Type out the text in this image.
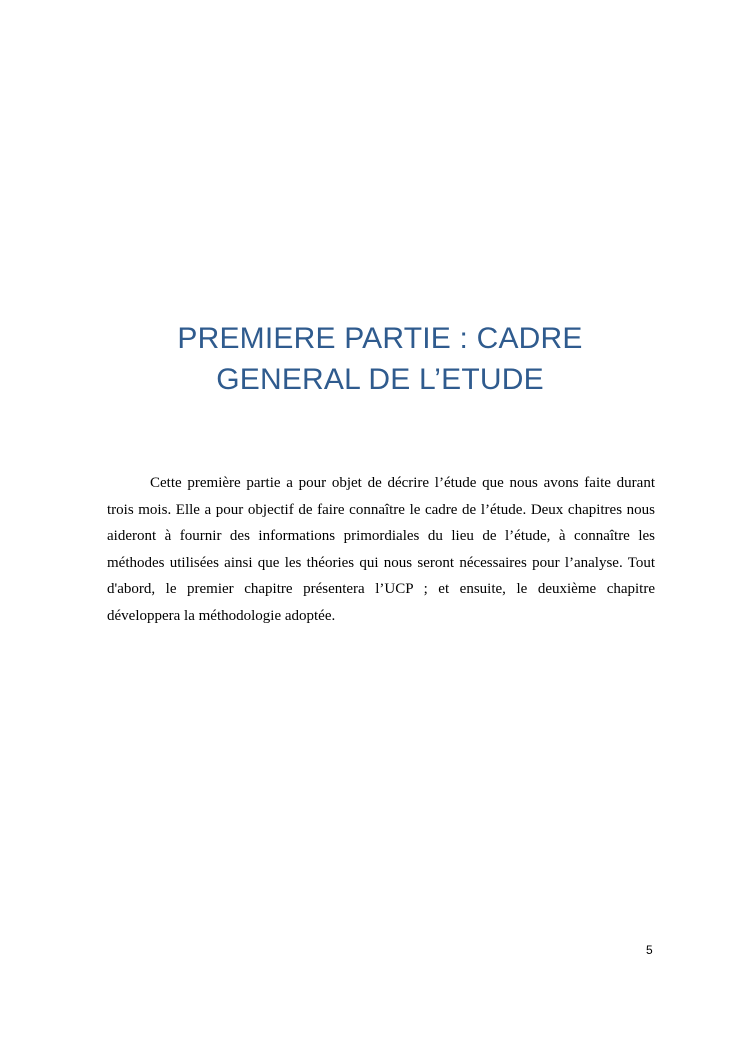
PREMIERE PARTIE : CADRE
GENERAL DE L’ETUDE

Cette première partie a pour objet de décrire l’étude que nous avons faite durant trois mois. Elle a pour objectif de faire connaître le cadre de l’étude. Deux chapitres nous aideront à fournir des informations primordiales du lieu de l’étude, à connaître les méthodes utilisées ainsi que les théories qui nous seront nécessaires pour l’analyse. Tout d'abord, le premier chapitre présentera l’UCP ; et ensuite, le deuxième chapitre développera la méthodologie adoptée.

5
